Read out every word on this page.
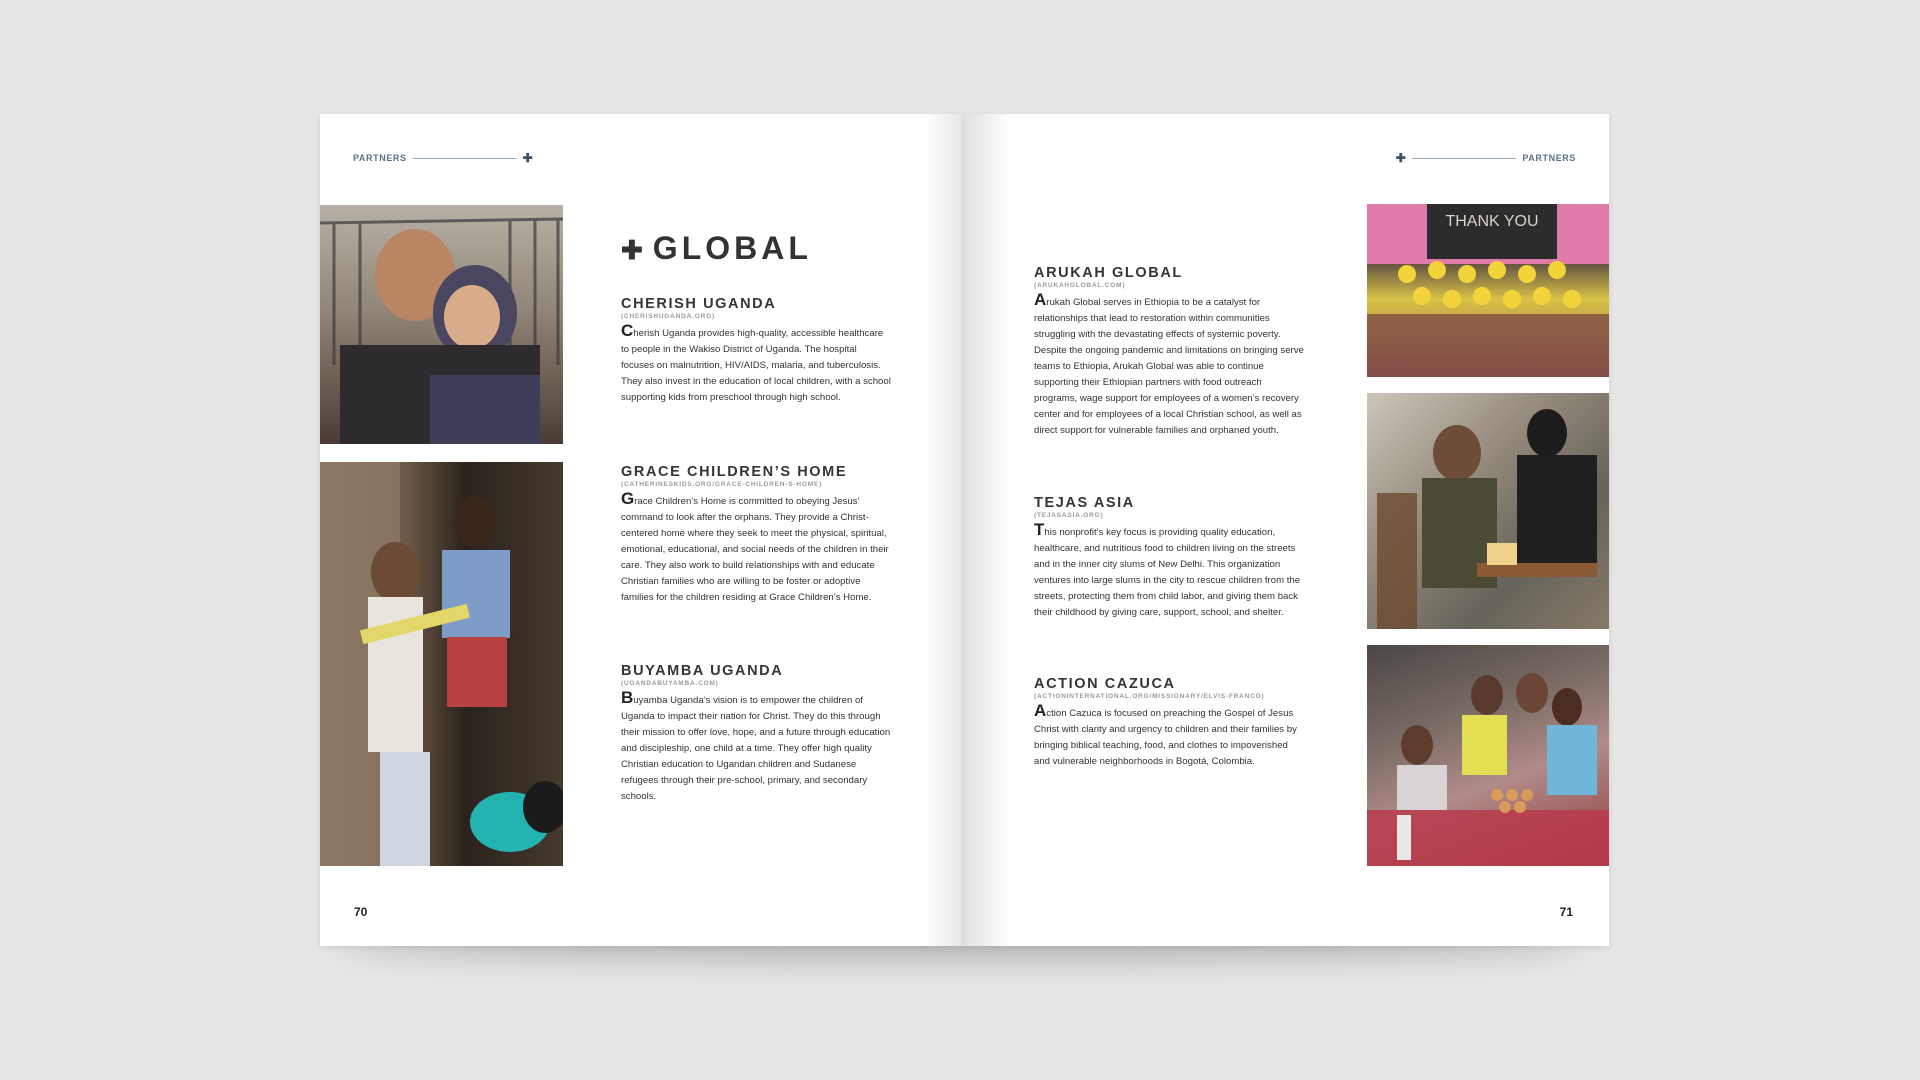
PARTNERS	✚
✚ GLOBAL
CHERISH UGANDA
(CHERISHUGANDA.ORG)

Cherish Uganda provides high-quality, accessible healthcare to people in the Wakiso District of Uganda. The hospital focuses on malnutrition, HIV/AIDS, malaria, and tuberculosis. They also invest in the education of local children, with a school supporting kids from preschool through high school.

GRACE CHILDREN’S HOME
(CATHERINESKIDS.ORG/GRACE-CHILDREN-S-HOME)

Grace Children’s Home is committed to obeying Jesus’ command to look after the orphans. They provide a Christ-centered home where they seek to meet the physical, spiritual, emotional, educational, and social needs of the children in their care. They also work to build relationships with and educate Christian families who are willing to be foster or adoptive families for the children residing at Grace Children’s Home.

BUYAMBA UGANDA
(UGANDABUYAMBA.COM)

Buyamba Uganda’s vision is to empower the children of Uganda to impact their nation for Christ. They do this through their mission to offer love, hope, and a future through education and discipleship, one child at a time. They offer high quality Christian education to Ugandan children and Sudanese refugees through their pre-school, primary, and secondary schools.

70
✚	PARTNERS
ARUKAH GLOBAL
(ARUKAHGLOBAL.COM)

Arukah Global serves in Ethiopia to be a catalyst for relationships that lead to restoration within communities struggling with the devastating effects of systemic poverty. Despite the ongoing pandemic and limitations on bringing serve teams to Ethiopia, Arukah Global was able to continue supporting their Ethiopian partners with food outreach programs, wage support for employees of a women’s recovery center and for employees of a local Christian school, as well as direct support for vulnerable families and orphaned youth.

TEJAS ASIA
(TEJASASIA.ORG)

This nonprofit’s key focus is providing quality education, healthcare, and nutritious food to children living on the streets and in the inner city slums of New Delhi. This organization ventures into large slums in the city to rescue children from the streets, protecting them from child labor, and giving them back their childhood by giving care, support, school, and shelter.

ACTION CAZUCA
(ACTIONINTERNATIONAL.ORG/MISSIONARY/ELVIS-FRANCO)

Action Cazuca is focused on preaching the Gospel of Jesus Christ with clarity and urgency to children and their families by bringing biblical teaching, food, and clothes to impoverished and vulnerable neighborhoods in Bogotá, Colombia.

THANK YOU
71
